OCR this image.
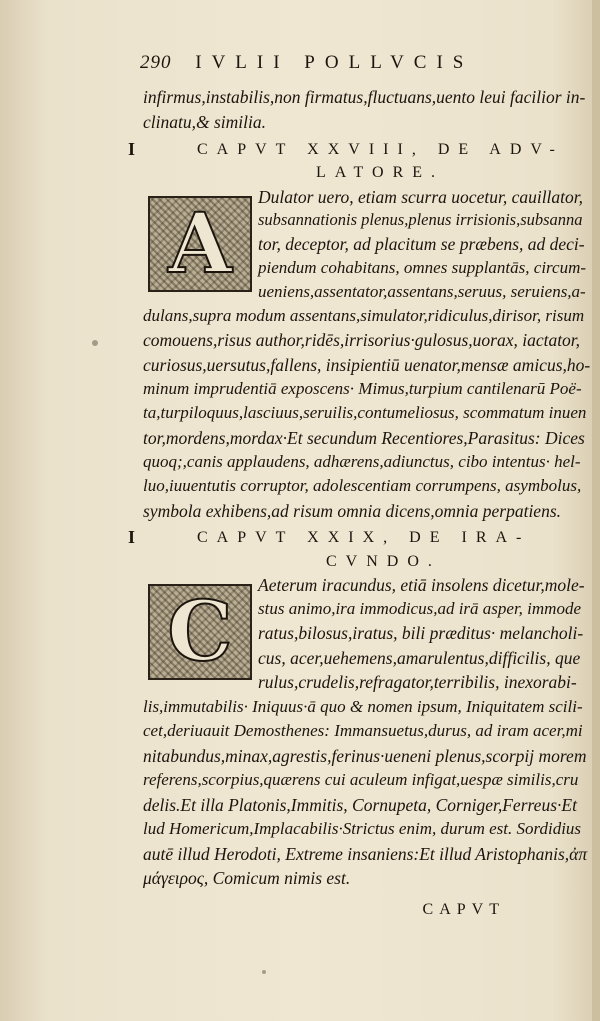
290 IVLII POLLVCIS
infirmus,instabilis,non firmatus,fluctuans,uento leui facilior in-
clinatu,& similia.
I	CAPVT XXVIII, DE ADV-
LATORE.
A Dulator uero, etiam scurra uocetur, cauillator,
subsannationis plenus,plenus irrisionis,subsanna
tor, deceptor, ad placitum se præbens, ad deci-
piendum cohabitans, omnes supplantās, circum-
ueniens,assentator,assentans,seruus, seruiens,a-
dulans,supra modum assentans,simulator,ridiculus,dirisor, risum
comouens,risus author,ridēs,irrisorius·gulosus,uorax, iactator,
curiosus,uersutus,fallens, insipientiū uenator,mensæ amicus,ho-
minum imprudentiā exposcens· Mimus,turpium cantilenarū Poë-
ta,turpiloquus,lasciuus,seruilis,contumeliosus, scommatum inuen
tor,mordens,mordax·Et secundum Recentiores,Parasitus: Dices
quoq;,canis applaudens, adhærens,adiunctus, cibo intentus· hel-
luo,iuuentutis corruptor, adolescentiam corrumpens, asymbolus,
symbola exhibens,ad risum omnia dicens,omnia perpatiens.
I	CAPVT XXIX, DE IRA-
CVNDO.
C Aeterum iracundus, etiā insolens dicetur,mole-
stus animo,ira immodicus,ad irā asper, immode
ratus,bilosus,iratus, bili præditus· melancholi-
cus, acer,uehemens,amarulentus,difficilis, que
rulus,crudelis,refragator,terribilis, inexorabi-
lis,immutabilis· Iniquus·ā quo & nomen ipsum, Iniquitatem scili-
cet,deriuauit Demosthenes: Immansuetus,durus, ad iram acer,mi
nitabundus,minax,agrestis,ferinus·ueneni plenus,scorpij morem
referens,scorpius,quærens cui aculeum infigat,uespæ similis,cru
delis.Et illa Platonis,Immitis, Cornupeta, Corniger,Ferreus·Et
lud Homericum,Implacabilis·Strictus enim, durum est. Sordidius
autē illud Herodoti, Extreme insaniens:Et illud Aristophanis,ἀπ
μάγειρος, Comicum nimis est.
CAPVT
